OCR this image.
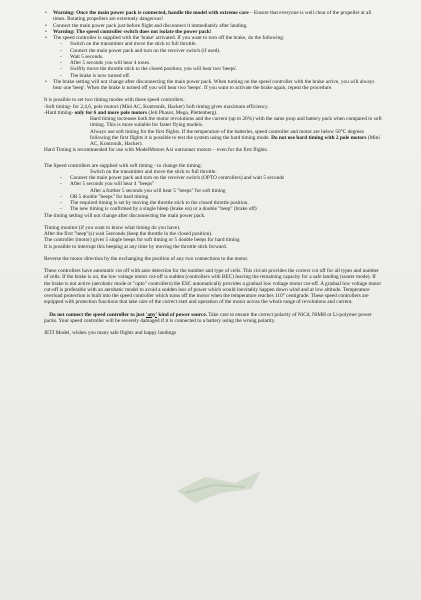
• Warning: Once the main power pack is connected, handle the model with extreme care – Ensure that everyone is well clear of the propeller at all times. Rotating propellers are extremely dangerous!

• Connect the main power pack just before flight and disconnect it immediately after landing.

• Warning: The speed controller switch does not isolate the power pack!

• The speed controller is supplied with the 'brake' activated. If you want to turn off the brake, do the following:

- Switch on the transmitter and move the stick to full throttle.

- Connect the main power pack and turn on the receiver switch (if used).

- Wait 5 seconds.

- After 5 seconds you will hear 4 tones.

- Swiftly move the throttle stick to the closed position; you will hear two 'beeps'.

- The brake is now turned off.

• The brake setting will not change after disconnecting the main power pack. When turning on the speed controller with the brake active, you will always hear one 'beep'. When the brake is turned off you will hear two 'beeps'. If you want to activate the brake again, repeat the procedure.

It is possible to set two timing modes with these speed controllers.

-Soft timing- for 2,4,6, pole motors (Mini AC, Kontronik, Hacker) Soft timing gives maximum efficiency.

-Hard timing- only for 6 and more pole motors (Jeti Phasor, Mega, Plettenberg).

Hard timing increases both the motor revolutions and the current (up to 20%) with the same prop and battery pack when compared to soft timing. This is more suitable for faster flying models.

Always use soft timing for the first flights. If the temperature of the batteries, speed controller and motor are below 50°C degrees following the first flights it is possible to test the system using the hard timing mode. Do not use hard timing with 2 pole motors (Mini AC, Kontronik, Hacker).

Hard Timing is recommended for use with ModelMotors Axi outrunner motors – even for the first flights.

The Speed controllers are supplied with soft timing - to change the timing:

Switch on the transmitter and move the stick to full throttle.

- Connect the main power pack and turn on the receiver switch (OPTO controllers) and wait 5 seconds

- After 5 seconds you will hear 4 "beeps"

After a further 5 seconds you will hear 5 "beeps" for soft timing

- OR 5 double "beeps" for hard timing

- The required timing is set by moving the throttle stick to the closed throttle position.

- The new timing is confirmed by a single bleep (brake on) or a double "beep" (brake off)

The timing setting will not change after disconnecting the main power pack.

Timing monitor (if you want to know what timing do you have).

After the first "beep"(s) wait 5seconds (keep the throttle in the closed position).

The controller (motor) gives 5 single beeps for soft timing or 5 double beeps for hard timing

It is possible to interrupt this beeping at any time by moving the throttle stick forward.

Reverse the motor direction by the exchanging the position of any two connections to the motor.

These controllers have automatic cut off with auto detection for the number and type of cells. This circuit provides the correct cut off for all types and number of cells. If the brake is on, the low voltage motor cut-off is sudden (controllers with BEC) leaving the remaining capacity for a safe landing (soarer mode). If the brake is not active (aerobatic mode or "opto" controllers) the ESC automatically provides a gradual low voltage motor cut-off. A gradual low voltage motor cut-off is preferable with an aerobatic model to avoid a sudden loss of power which would inevitably happen down wind and at low altitude. Temperature overload protection is built into the speed controller which turns off the motor when the temperature reaches 110° centigrade. These speed controllers are equipped with protection functions that take care of the correct start and operation of the motor across the whole range of revolutions and current.

Do not connect the speed controller to just 'any' kind of power source. Take care to ensure the correct polarity of NiCd, NiMH or Li-polymer power packs. Your speed controller will be severely damaged if it is connected to a battery using the wrong polarity.

JETI Model, wishes you many safe flights and happy landings
